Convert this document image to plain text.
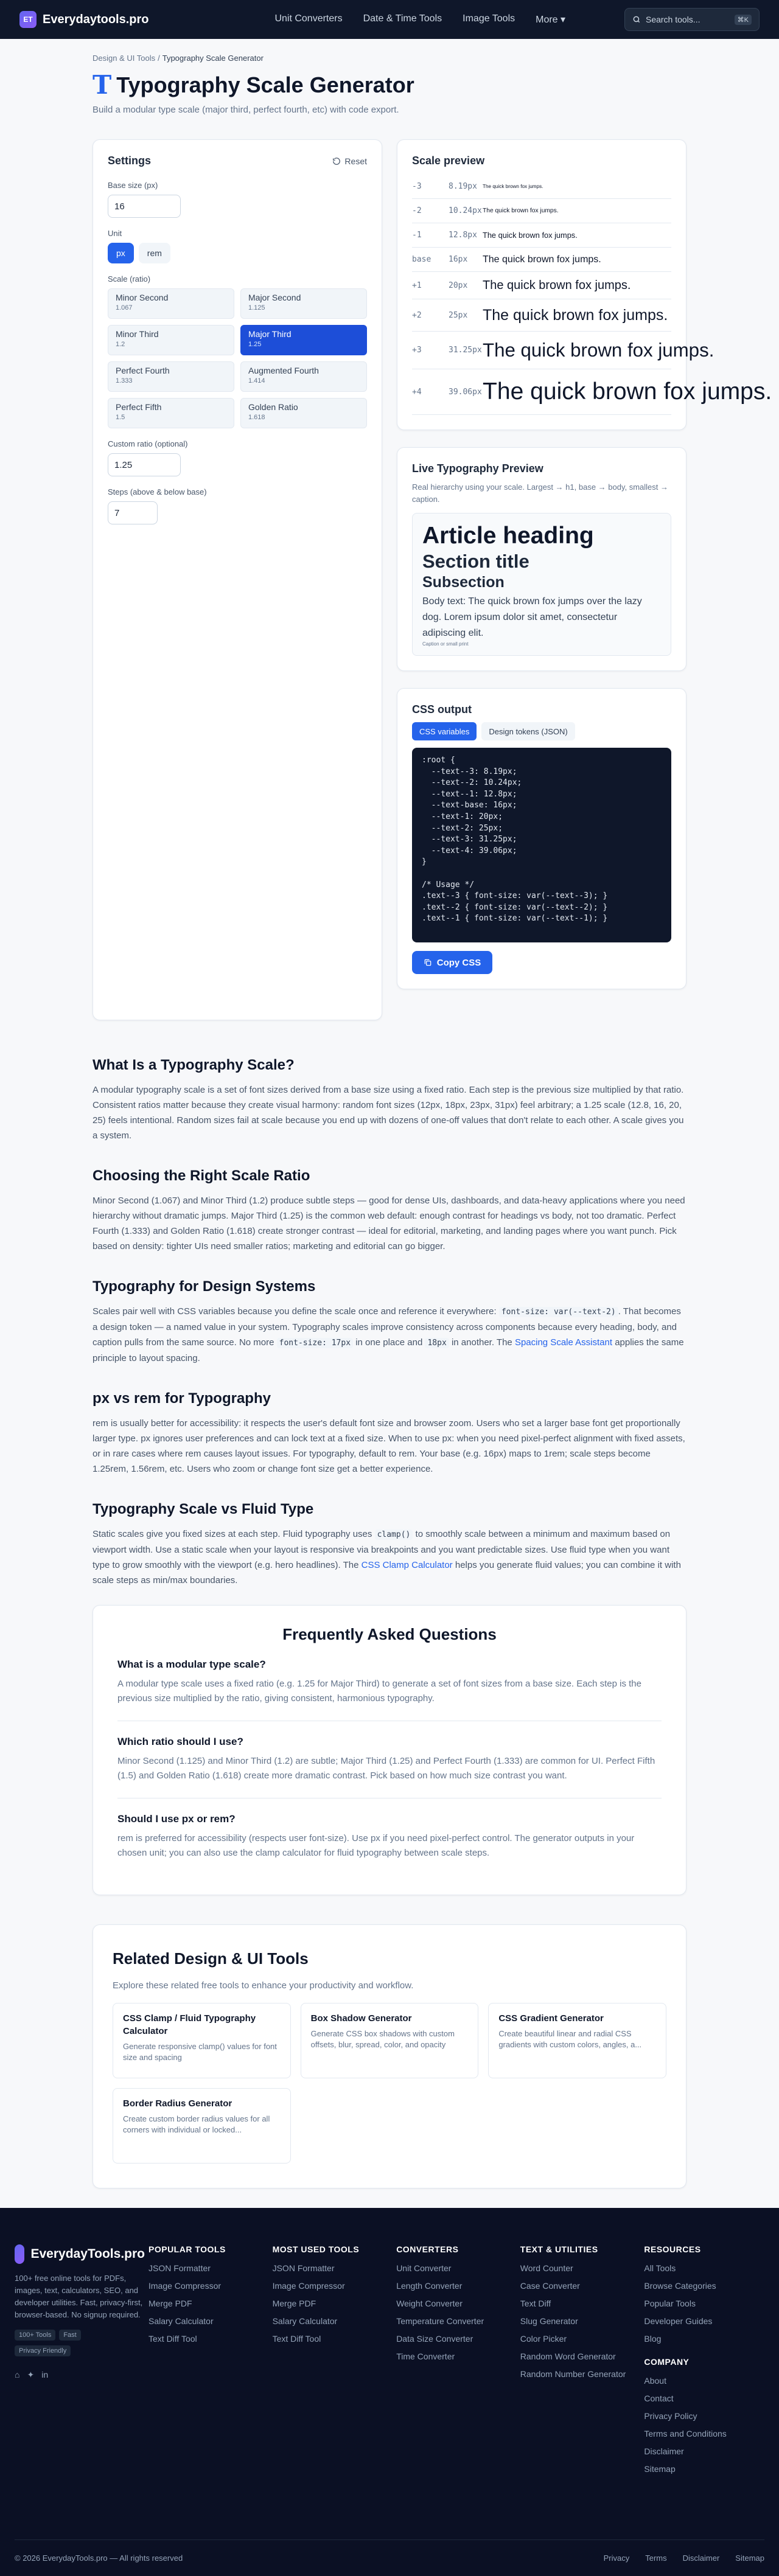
ET Everydaytools.pro	Unit Converters Date & Time Tools Image Tools More ▾	Search tools...	⌘K
Design & UI Tools / Typography Scale Generator
T Typography Scale Generator

Build a modular type scale (major third, perfect fourth, etc) with code export.

Settings	Reset
Base size (px)
16
Unit
px	rem
Scale (ratio)
Minor Second
1.067
Major Second
1.125
Minor Third
1.2
Major Third
1.25
Perfect Fourth
1.333
Augmented Fourth
1.414
Perfect Fifth
1.5
Golden Ratio
1.618
Custom ratio (optional)
1.25
Steps (above & below base)
7
Scale preview
-3	8.19px	The quick brown fox jumps.
-2	10.24px The quick brown fox jumps.
-1	12.8px The quick brown fox jumps.
base	16px	The quick brown fox jumps.
+1	20px	The quick brown fox jumps.
+2	25px The quick brown fox jumps.
+3	31.25px The quick brown fox jumps.
+4	39.06px The quick brown fox jumps.
Live Typography Preview

Real hierarchy using your scale. Largest → h1, base → body, smallest → caption.

Article heading
Section title
Subsection
Body text: The quick brown fox jumps over the lazy dog. Lorem ipsum dolor sit amet, consectetur adipiscing elit.
Caption or small print
CSS output
CSS variables	Design tokens (JSON)
:root {
--text--3: 8.19px;
--text--2: 10.24px;
--text--1: 12.8px;
--text-base: 16px;
--text-1: 20px;
--text-2: 25px;
--text-3: 31.25px;
--text-4: 39.06px;
}

/* Usage */
.text--3 { font-size: var(--text--3); }
.text--2 { font-size: var(--text--2); }
.text--1 { font-size: var(--text--1); }
Copy CSS
What Is a Typography Scale?

A modular typography scale is a set of font sizes derived from a base size using a fixed ratio. Each step is the previous size multiplied by that ratio. Consistent ratios matter because they create visual harmony: random font sizes (12px, 18px, 23px, 31px) feel arbitrary; a 1.25 scale (12.8, 16, 20, 25) feels intentional. Random sizes fail at scale because you end up with dozens of one-off values that don't relate to each other. A scale gives you a system.

Choosing the Right Scale Ratio

Minor Second (1.067) and Minor Third (1.2) produce subtle steps — good for dense UIs, dashboards, and data-heavy applications where you need hierarchy without dramatic jumps. Major Third (1.25) is the common web default: enough contrast for headings vs body, not too dramatic. Perfect Fourth (1.333) and Golden Ratio (1.618) create stronger contrast — ideal for editorial, marketing, and landing pages where you want punch. Pick based on density: tighter UIs need smaller ratios; marketing and editorial can go bigger.

Typography for Design Systems

Scales pair well with CSS variables because you define the scale once and reference it everywhere: font-size: var(--text-2) . That becomes a design token — a named value in your system. Typography scales improve consistency across components because every heading, body, and caption pulls from the same source. No more font-size: 17px in one place and 18px in another. The Spacing Scale Assistant applies the same principle to layout spacing.

px vs rem for Typography

rem is usually better for accessibility: it respects the user's default font size and browser zoom. Users who set a larger base font get proportionally larger type. px ignores user preferences and can lock text at a fixed size. When to use px: when you need pixel-perfect alignment with fixed assets, or in rare cases where rem causes layout issues. For typography, default to rem. Your base (e.g. 16px) maps to 1rem; scale steps become 1.25rem, 1.56rem, etc. Users who zoom or change font size get a better experience.

Typography Scale vs Fluid Type

Static scales give you fixed sizes at each step. Fluid typography uses clamp() to smoothly scale between a minimum and maximum based on viewport width. Use a static scale when your layout is responsive via breakpoints and you want predictable sizes. Use fluid type when you want type to grow smoothly with the viewport (e.g. hero headlines). The CSS Clamp Calculator helps you generate fluid values; you can combine it with scale steps as min/max boundaries.

Frequently Asked Questions
What is a modular type scale?

A modular type scale uses a fixed ratio (e.g. 1.25 for Major Third) to generate a set of font sizes from a base size. Each step is the previous size multiplied by the ratio, giving consistent, harmonious typography.

Which ratio should I use?

Minor Second (1.125) and Minor Third (1.2) are subtle; Major Third (1.25) and Perfect Fourth (1.333) are common for UI. Perfect Fifth (1.5) and Golden Ratio (1.618) create more dramatic contrast. Pick based on how much size contrast you want.

Should I use px or rem?

rem is preferred for accessibility (respects user font-size). Use px if you need pixel-perfect control. The generator outputs in your chosen unit; you can also use the clamp calculator for fluid typography between scale steps.

Related Design & UI Tools

Explore these related free tools to enhance your productivity and workflow.

CSS Clamp / Fluid Typography Calculator

Generate responsive clamp() values for font size and spacing

Box Shadow Generator

Generate CSS box shadows with custom offsets, blur, spread, color, and opacity

CSS Gradient Generator

Create beautiful linear and radial CSS gradients with custom colors, angles, a...

Border Radius Generator

Create custom border radius values for all corners with individual or locked...

EverydayTools.pro

100+ free online tools for PDFs, images, text, calculators, SEO, and developer utilities. Fast, privacy-first, browser-based. No signup required.

100+ Tools	Fast
Privacy Friendly
⌂ ✦ in
POPULAR TOOLS
JSON Formatter
Image Compressor
Merge PDF
Salary Calculator
Text Diff Tool
MOST USED TOOLS
JSON Formatter
Image Compressor
Merge PDF
Salary Calculator
Text Diff Tool
CONVERTERS
Unit Converter
Length Converter
Weight Converter
Temperature Converter
Data Size Converter
Time Converter
TEXT & UTILITIES
Word Counter
Case Converter
Text Diff
Slug Generator
Color Picker
Random Word Generator
Random Number Generator
RESOURCES
All Tools
Browse Categories
Popular Tools
Developer Guides
Blog
COMPANY
About
Contact
Privacy Policy
Terms and Conditions
Disclaimer
Sitemap
© 2026 EverydayTools.pro — All rights reserved	Privacy Terms Disclaimer Sitemap
